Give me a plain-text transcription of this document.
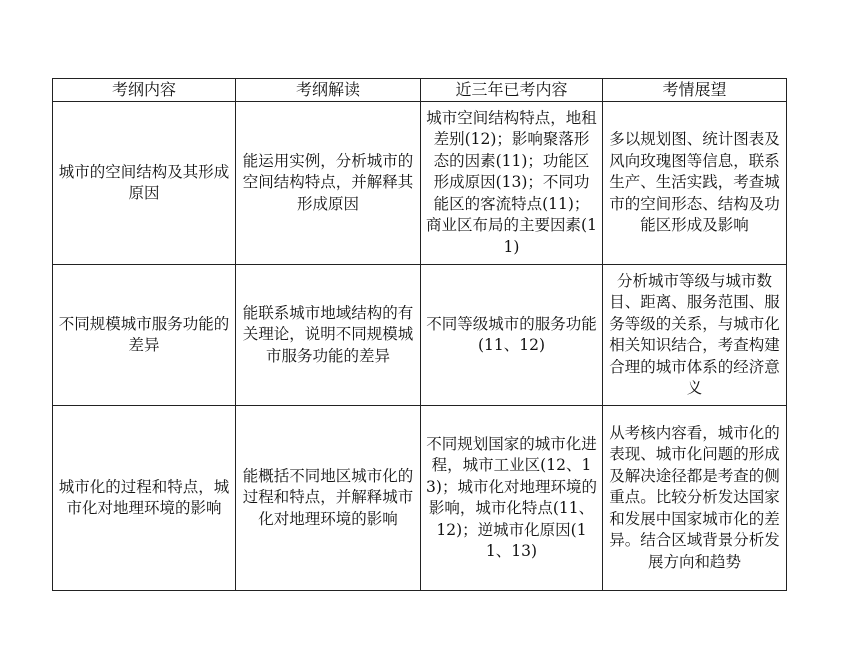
考纲内容	考纲解读	近三年已考内容	考情展望
城市的空间结构及其形成原因	能运用实例，分析城市的空间结构特点，并解释其形成原因	城市空间结构特点，地租差别(12)；影响聚落形态的因素(11)；功能区形成原因(13)；不同功能区的客流特点(11)；商业区布局的主要因素(11)	多以规划图、统计图表及风向玫瑰图等信息，联系生产、生活实践，考查城市的空间形态、结构及功能区形成及影响
不同规模城市服务功能的差异	能联系城市地域结构的有关理论，说明不同规模城市服务功能的差异	不同等级城市的服务功能(11、12)	分析城市等级与城市数目、距离、服务范围、服务等级的关系，与城市化相关知识结合，考查构建合理的城市体系的经济意义
城市化的过程和特点，城市化对地理环境的影响	能概括不同地区城市化的过程和特点，并解释城市化对地理环境的影响	不同规划国家的城市化进程，城市工业区(12、13)；城市化对地理环境的影响，城市化特点(11、12)；逆城市化原因(11、13)	从考核内容看，城市化的表现、城市化问题的形成及解决途径都是考查的侧重点。比较分析发达国家和发展中国家城市化的差异。结合区域背景分析发展方向和趋势
